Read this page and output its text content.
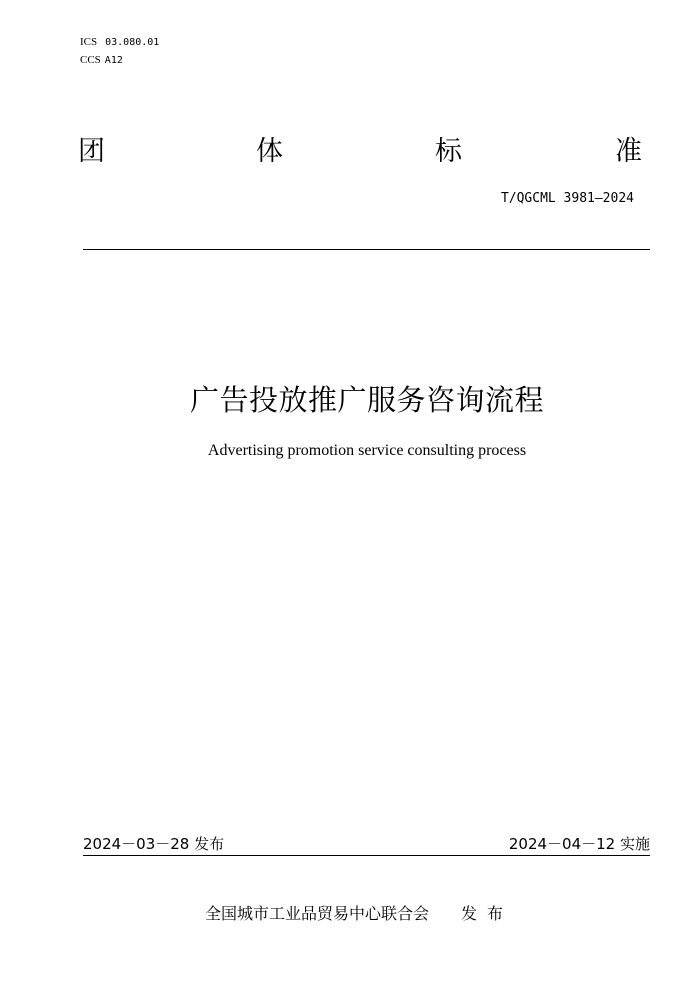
ICS 03.080.01
CCS A12
团	体	标	准
T/QGCML 3981—2024
广告投放推广服务咨询流程
Advertising promotion service consulting process
2024－03－28 发布	2024－04－12 实施
全国城市工业品贸易中心联合会 发布
